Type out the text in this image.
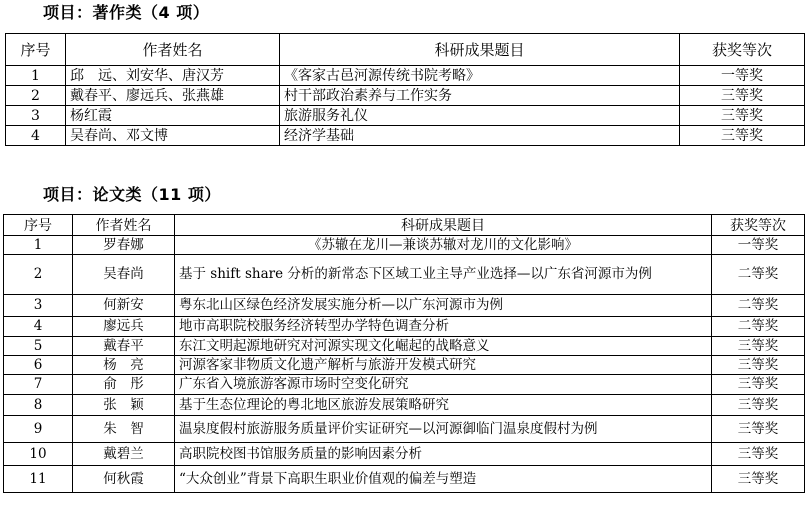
项目：著作类（4 项）
序号	作者姓名	科研成果题目	获奖等次
1	邱　远、刘安华、唐汉芳	《客家古邑河源传统书院考略》	一等奖
2	戴春平、廖远兵、张燕雄	村干部政治素养与工作实务	三等奖
3	杨红霞	旅游服务礼仪	三等奖
4	吴春尚、邓文博	经济学基础	三等奖
项目：论文类（11 项）
序号	作者姓名	科研成果题目	获奖等次
1	罗春娜	《苏辙在龙川—兼谈苏辙对龙川的文化影响》	一等奖
2	吴春尚	基于 shift share 分析的新常态下区域工业主导产业选择—以广东省河源市为例	二等奖
3	何新安	粤东北山区绿色经济发展实施分析—以广东河源市为例	二等奖
4	廖远兵	地市高职院校服务经济转型办学特色调查分析	二等奖
5	戴春平	东江文明起源地研究对河源实现文化崛起的战略意义	三等奖
6	杨　亮	河源客家非物质文化遗产解析与旅游开发模式研究	三等奖
7	俞　彤	广东省入境旅游客源市场时空变化研究	三等奖
8	张　颖	基于生态位理论的粤北地区旅游发展策略研究	三等奖
9	朱　智	温泉度假村旅游服务质量评价实证研究—以河源御临门温泉度假村为例	三等奖
10	戴碧兰	高职院校图书馆服务质量的影响因素分析	三等奖
11	何秋霞	“大众创业”背景下高职生职业价值观的偏差与塑造	三等奖
